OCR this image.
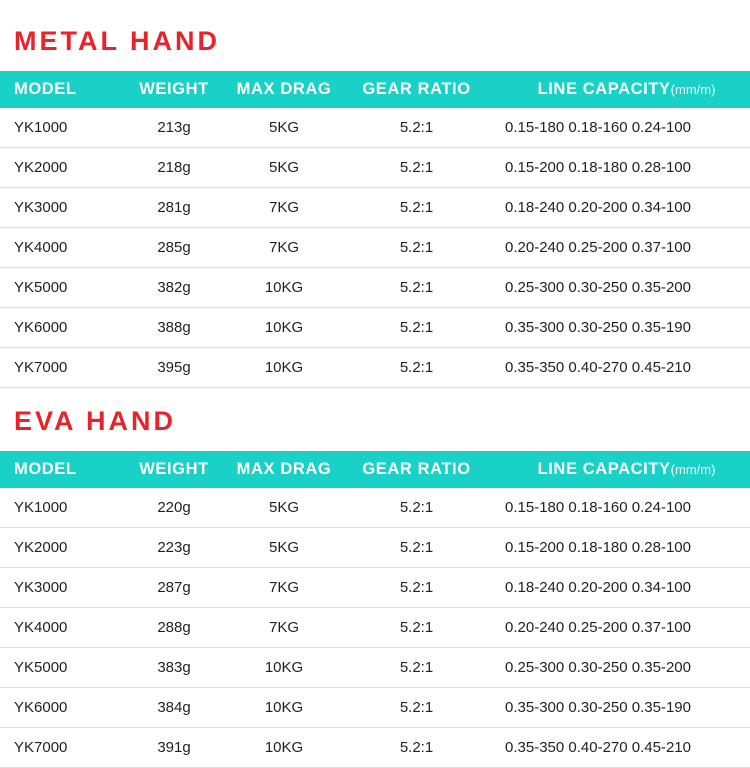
METAL HAND
MODEL	WEIGHT	MAX DRAG	GEAR RATIO	LINE CAPACITY(mm/m)
YK1000	213g	5KG	5.2:1	0.15-180 0.18-160 0.24-100
YK2000	218g	5KG	5.2:1	0.15-200 0.18-180 0.28-100
YK3000	281g	7KG	5.2:1	0.18-240 0.20-200 0.34-100
YK4000	285g	7KG	5.2:1	0.20-240 0.25-200 0.37-100
YK5000	382g	10KG	5.2:1	0.25-300 0.30-250 0.35-200
YK6000	388g	10KG	5.2:1	0.35-300 0.30-250 0.35-190
YK7000	395g	10KG	5.2:1	0.35-350 0.40-270 0.45-210
EVA HAND
MODEL	WEIGHT	MAX DRAG	GEAR RATIO	LINE CAPACITY(mm/m)
YK1000	220g	5KG	5.2:1	0.15-180 0.18-160 0.24-100
YK2000	223g	5KG	5.2:1	0.15-200 0.18-180 0.28-100
YK3000	287g	7KG	5.2:1	0.18-240 0.20-200 0.34-100
YK4000	288g	7KG	5.2:1	0.20-240 0.25-200 0.37-100
YK5000	383g	10KG	5.2:1	0.25-300 0.30-250 0.35-200
YK6000	384g	10KG	5.2:1	0.35-300 0.30-250 0.35-190
YK7000	391g	10KG	5.2:1	0.35-350 0.40-270 0.45-210
